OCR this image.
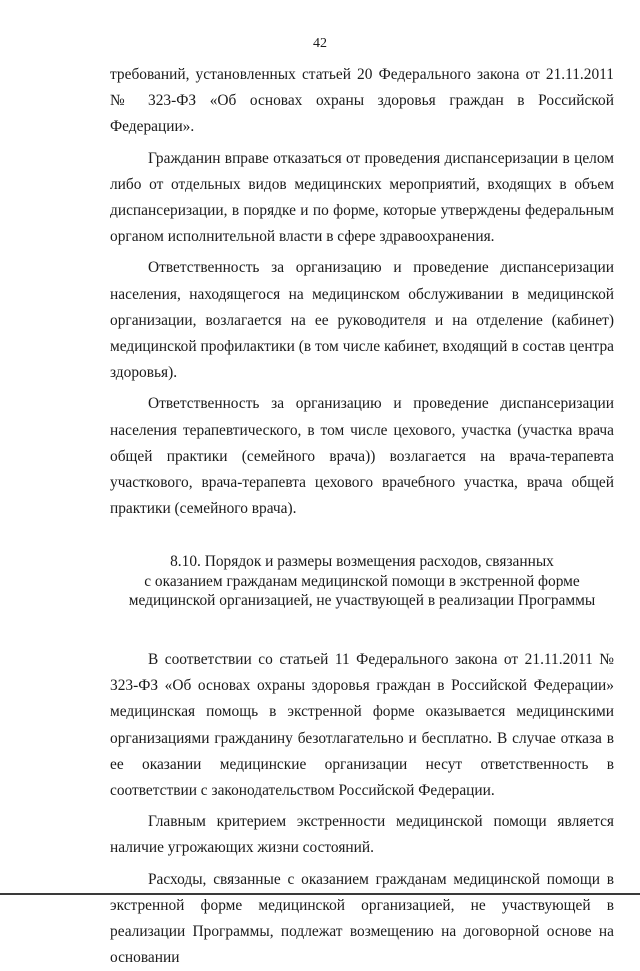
42

требований, установленных статьей 20 Федерального закона от 21.11.2011 № 323-ФЗ «Об основах охраны здоровья граждан в Российской Федерации».

Гражданин вправе отказаться от проведения диспансеризации в целом либо от отдельных видов медицинских мероприятий, входящих в объем диспансеризации, в порядке и по форме, которые утверждены федеральным органом исполнительной власти в сфере здравоохранения.

Ответственность за организацию и проведение диспансеризации населения, находящегося на медицинском обслуживании в медицинской организации, возлагается на ее руководителя и на отделение (кабинет) медицинской профилактики (в том числе кабинет, входящий в состав центра здоровья).

Ответственность за организацию и проведение диспансеризации населения терапевтического, в том числе цехового, участка (участка врача общей практики (семейного врача)) возлагается на врача-терапевта участкового, врача-терапевта цехового врачебного участка, врача общей практики (семейного врача).

8.10. Порядок и размеры возмещения расходов, связанных
с оказанием гражданам медицинской помощи в экстренной форме
медицинской организацией, не участвующей в реализации Программы

В соответствии со статьей 11 Федерального закона от 21.11.2011 № 323-ФЗ «Об основах охраны здоровья граждан в Российской Федерации» медицинская помощь в экстренной форме оказывается медицинскими организациями гражданину безотлагательно и бесплатно. В случае отказа в ее оказании медицинские организации несут ответственность в соответствии с законодательством Российской Федерации.

Главным критерием экстренности медицинской помощи является наличие угрожающих жизни состояний.

Расходы, связанные с оказанием гражданам медицинской помощи в экстренной форме медицинской организацией, не участвующей в реализации Программы, подлежат возмещению на договорной основе на основании
